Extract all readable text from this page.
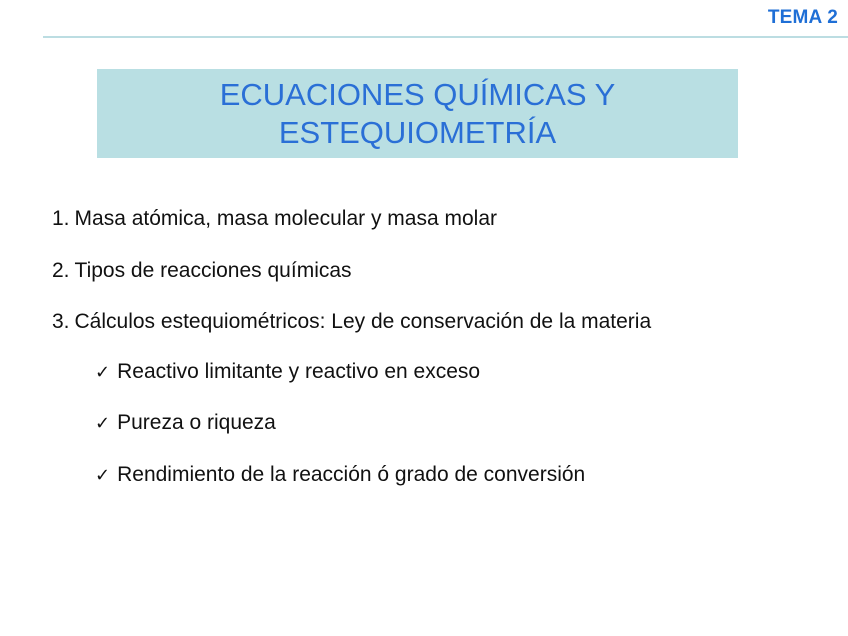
TEMA 2
ECUACIONES QUÍMICAS Y
ESTEQUIOMETRÍA
1. Masa atómica, masa molecular y masa molar
2. Tipos de reacciones químicas
3. Cálculos estequiométricos: Ley de conservación de la materia
✓ Reactivo limitante y reactivo en exceso
✓ Pureza o riqueza
✓ Rendimiento de la reacción ó grado de conversión
